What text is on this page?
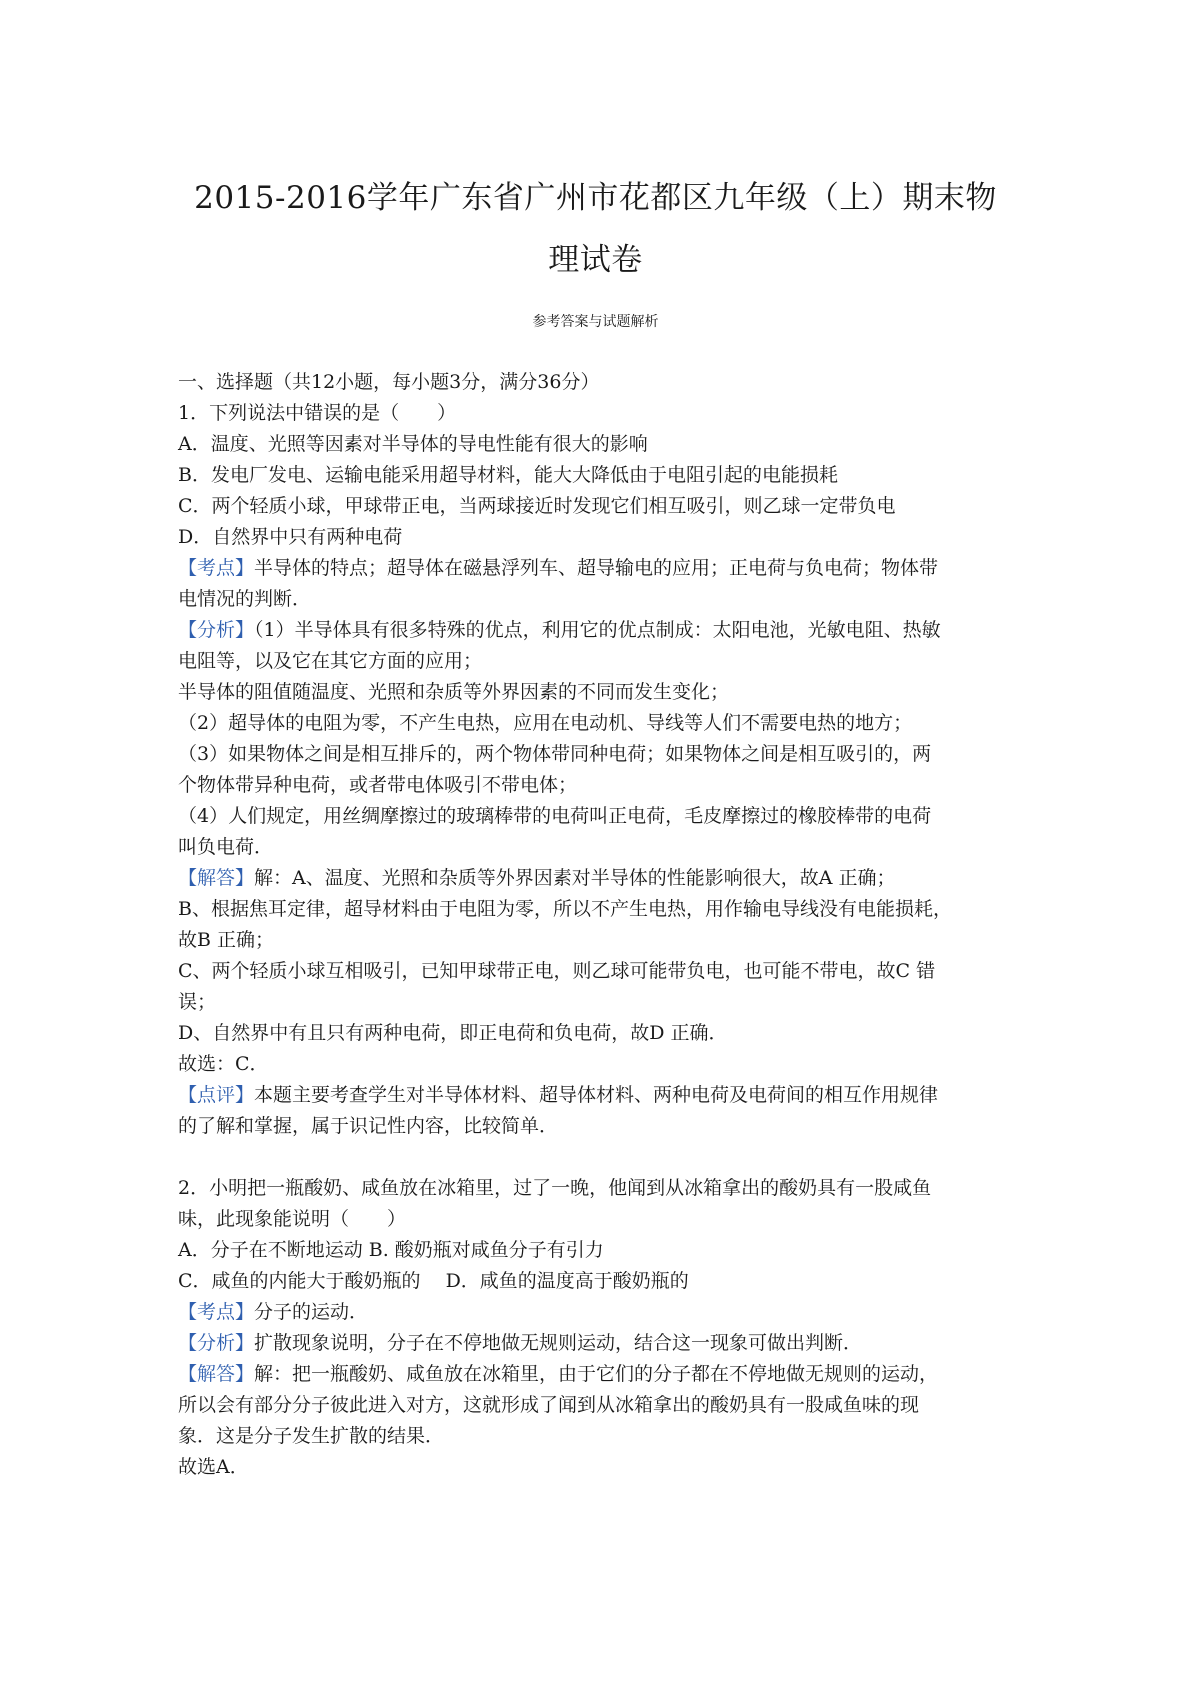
2015-2016学年广东省广州市花都区九年级（上）期末物
理试卷
参考答案与试题解析
一、选择题（共12小题，每小题3分，满分36分）
1．下列说法中错误的是（　　）
A．温度、光照等因素对半导体的导电性能有很大的影响
B．发电厂发电、运输电能采用超导材料，能大大降低由于电阻引起的电能损耗
C．两个轻质小球，甲球带正电，当两球接近时发现它们相互吸引，则乙球一定带负电
D．自然界中只有两种电荷
【考点】半导体的特点；超导体在磁悬浮列车、超导输电的应用；正电荷与负电荷；物体带
电情况的判断．
【分析】（1）半导体具有很多特殊的优点，利用它的优点制成：太阳电池，光敏电阻、热敏
电阻等，以及它在其它方面的应用；
半导体的阻值随温度、光照和杂质等外界因素的不同而发生变化；
（2）超导体的电阻为零，不产生电热，应用在电动机、导线等人们不需要电热的地方；
（3）如果物体之间是相互排斥的，两个物体带同种电荷；如果物体之间是相互吸引的，两
个物体带异种电荷，或者带电体吸引不带电体；
（4）人们规定，用丝绸摩擦过的玻璃棒带的电荷叫正电荷，毛皮摩擦过的橡胶棒带的电荷
叫负电荷．
【解答】解：A、温度、光照和杂质等外界因素对半导体的性能影响很大，故A 正确；
B、根据焦耳定律，超导材料由于电阻为零，所以不产生电热，用作输电导线没有电能损耗，
故B 正确；
C、两个轻质小球互相吸引，已知甲球带正电，则乙球可能带负电，也可能不带电，故C 错
误；
D、自然界中有且只有两种电荷，即正电荷和负电荷，故D 正确．
故选：C．
【点评】本题主要考查学生对半导体材料、超导体材料、两种电荷及电荷间的相互作用规律
的了解和掌握，属于识记性内容，比较简单．
2．小明把一瓶酸奶、咸鱼放在冰箱里，过了一晚，他闻到从冰箱拿出的酸奶具有一股咸鱼
味，此现象能说明（　　）
A．分子在不断地运动 B. 酸奶瓶对咸鱼分子有引力
C．咸鱼的内能大于酸奶瓶的　 D．咸鱼的温度高于酸奶瓶的
【考点】分子的运动．
【分析】扩散现象说明，分子在不停地做无规则运动，结合这一现象可做出判断．
【解答】解：把一瓶酸奶、咸鱼放在冰箱里，由于它们的分子都在不停地做无规则的运动，
所以会有部分分子彼此进入对方，这就形成了闻到从冰箱拿出的酸奶具有一股咸鱼味的现
象．这是分子发生扩散的结果．
故选A．
